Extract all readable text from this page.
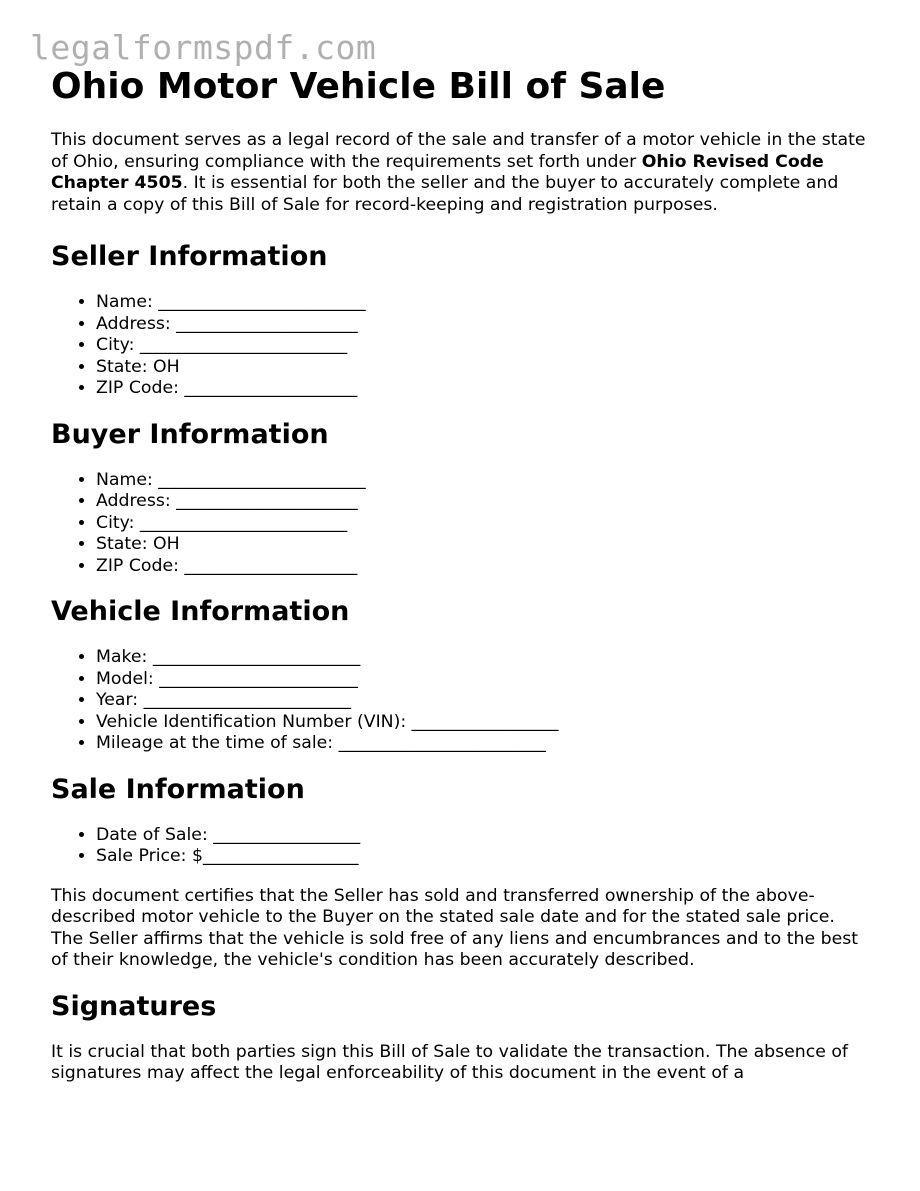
legalformspdf.com
Ohio Motor Vehicle Bill of Sale

This document serves as a legal record of the sale and transfer of a motor vehicle in the state of Ohio, ensuring compliance with the requirements set forth under Ohio Revised Code Chapter 4505. It is essential for both the seller and the buyer to accurately complete and retain a copy of this Bill of Sale for record-keeping and registration purposes.

Seller Information
• Name: ________________________
• Address: _____________________
• City: ________________________
• State: OH
• ZIP Code: ____________________
Buyer Information
• Name: ________________________
• Address: _____________________
• City: ________________________
• State: OH
• ZIP Code: ____________________
Vehicle Information
• Make: ________________________
• Model: _______________________
• Year: ________________________
• Vehicle Identification Number (VIN): _________________
• Mileage at the time of sale: ________________________
Sale Information
• Date of Sale: _________________
• Sale Price: $__________________

This document certifies that the Seller has sold and transferred ownership of the above-described motor vehicle to the Buyer on the stated sale date and for the stated sale price. The Seller affirms that the vehicle is sold free of any liens and encumbrances and to the best of their knowledge, the vehicle's condition has been accurately described.

Signatures

It is crucial that both parties sign this Bill of Sale to validate the transaction. The absence of signatures may affect the legal enforceability of this document in the event of a
